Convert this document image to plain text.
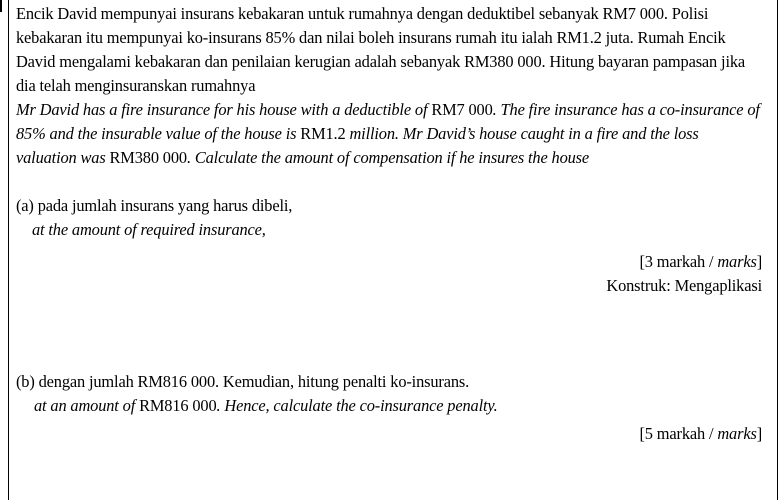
Encik David mempunyai insurans kebakaran untuk rumahnya dengan deduktibel sebanyak RM7 000. Polisi kebakaran itu mempunyai ko-insurans 85% dan nilai boleh insurans rumah itu ialah RM1.2 juta. Rumah Encik David mengalami kebakaran dan penilaian kerugian adalah sebanyak RM380 000. Hitung bayaran pampasan jika dia telah menginsuranskan rumahnya

Mr David has a fire insurance for his house with a deductible of RM7 000. The fire insurance has a co-insurance of 85% and the insurable value of the house is RM1.2 million. Mr David’s house caught in a fire and the loss valuation was RM380 000. Calculate the amount of compensation if he insures the house

(a) pada jumlah insurans yang harus dibeli,

at the amount of required insurance,

[3 markah / marks]

Konstruk: Mengaplikasi

(b) dengan jumlah RM816 000. Kemudian, hitung penalti ko-insurans.

at an amount of RM816 000. Hence, calculate the co-insurance penalty.

[5 markah / marks]
